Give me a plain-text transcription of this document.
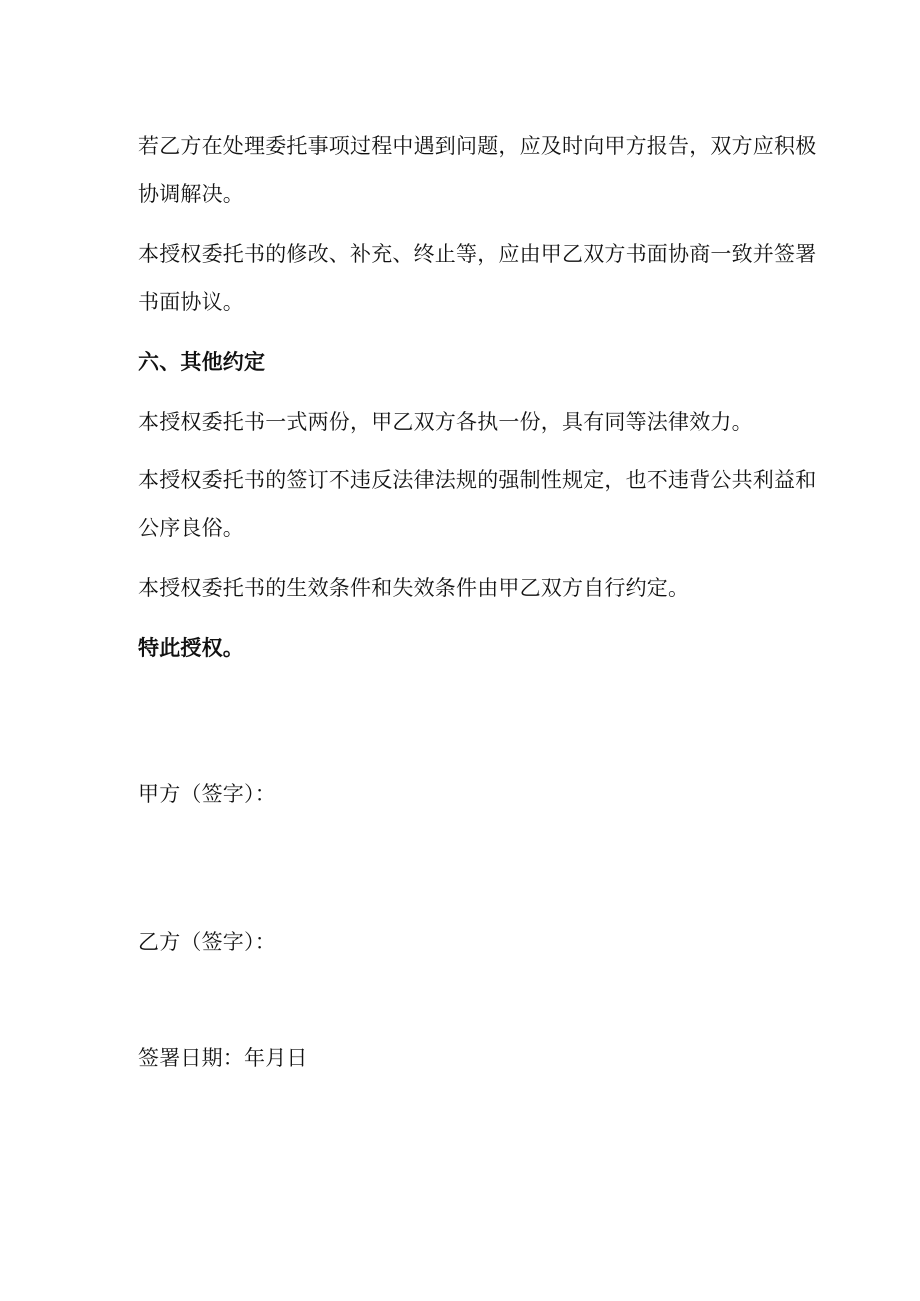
若乙方在处理委托事项过程中遇到问题，应及时向甲方报告，双方应积极

协调解决。

本授权委托书的修改、补充、终止等，应由甲乙双方书面协商一致并签署

书面协议。

六、其他约定

本授权委托书一式两份，甲乙双方各执一份，具有同等法律效力。

本授权委托书的签订不违反法律法规的强制性规定，也不违背公共利益和

公序良俗。

本授权委托书的生效条件和失效条件由甲乙双方自行约定。

特此授权。

甲方（签字）：

乙方（签字）：

签署日期：年月日
